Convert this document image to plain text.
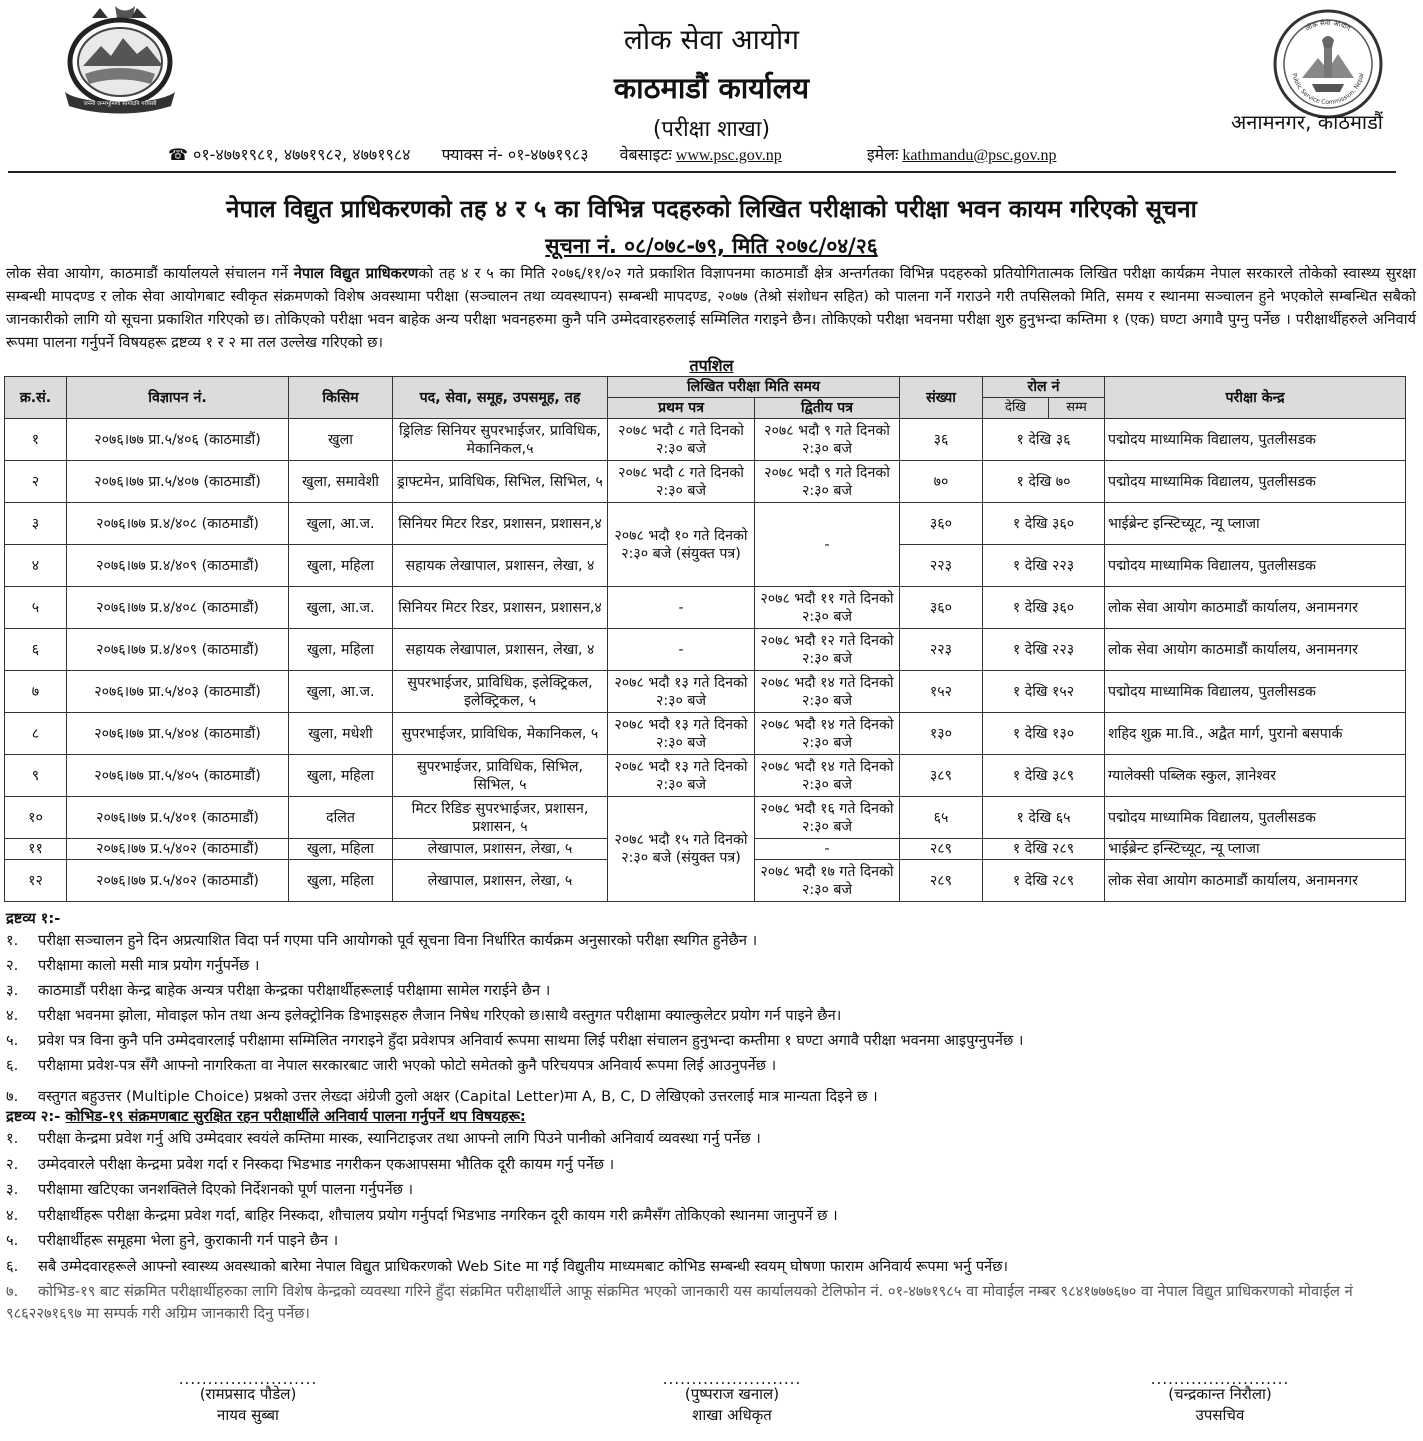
जननी जन्मभूमिश्च स्वर्गादपि गरीयसी
लोक सेवा आयोग
Public Service Commission, Nepal
लोक सेवा आयोग
काठमाडौं कार्यालय
(परीक्षा शाखा)	अनामनगर, काठमाडौं
☎ ०१-४७७१९८१, ४७७१९८२, ४७७१९८४ फ्याक्स नं- ०१-४७७१९८३ वेबसाइटः www.psc.gov.np	इमेलः kathmandu@psc.gov.np
नेपाल विद्युत प्राधिकरणको तह ४ र ५ का विभिन्न पदहरुको लिखित परीक्षाको परीक्षा भवन कायम गरिएको सूचना
सूचना नं. ०८/०७८-७९, मिति २०७८/०४/२६
लोक सेवा आयोग, काठमाडौं कार्यालयले संचालन गर्ने नेपाल विद्युत प्राधिकरणको तह ४ र ५ का मिति २०७६/११/०२ गते प्रकाशित विज्ञापनमा काठमाडौं क्षेत्र अन्तर्गतका विभिन्न पदहरुको प्रतियोगितात्मक लिखित परीक्षा कार्यक्रम नेपाल सरकारले तोकेको स्वास्थ्य सुरक्षा सम्बन्धी मापदण्ड र लोक सेवा आयोगबाट स्वीकृत संक्रमणको विशेष अवस्थामा परीक्षा (सञ्चालन तथा व्यवस्थापन) सम्बन्धी मापदण्ड, २०७७ (तेश्रो संशोधन सहित) को पालना गर्ने गराउने गरी तपसिलको मिति, समय र स्थानमा सञ्चालन हुने भएकोले सम्बन्धित सबैको जानकारीको लागि यो सूचना प्रकाशित गरिएको छ। तोकिएको परीक्षा भवन बाहेक अन्य परीक्षा भवनहरुमा कुनै पनि उम्मेदवारहरुलाई सम्मिलित गराइने छैन। तोकिएको परीक्षा भवनमा परीक्षा शुरु हुनुभन्दा कम्तिमा १ (एक) घण्टा अगावै पुग्नु पर्नेछ । परीक्षार्थीहरुले अनिवार्य रूपमा पालना गर्नुपर्ने विषयहरू द्रष्टव्य १ र २ मा तल उल्लेख गरिएको छ।
तपशिल
क्र.सं.	विज्ञापन नं.	किसिम	पद, सेवा, समूह, उपसमूह, तह	लिखित परीक्षा मिति समय		संख्या	रोल नं		परीक्षा केन्द्र
				प्रथम पत्र	द्वितीय पत्र		देखि	सम्म	
१	२०७६।७७ प्रा.५/४०६ (काठमाडौं)	खुला	ड्रिलिङ सिनियर सुपरभाईजर, प्राविधिक, मेकानिकल,५	२०७८ भदौ ८ गते दिनको २:३० बजे	२०७८ भदौ ९ गते दिनको २:३० बजे	३६	१ देखि ३६		पद्मोदय माध्यामिक विद्यालय, पुतलीसडक
२	२०७६।७७ प्रा.५/४०७ (काठमाडौं)	खुला, समावेशी	ड्राफ्टमेन, प्राविधिक, सिभिल, सिभिल, ५	२०७८ भदौ ८ गते दिनको २:३० बजे	२०७८ भदौ ९ गते दिनको २:३० बजे	७०	१ देखि ७०		पद्मोदय माध्यामिक विद्यालय, पुतलीसडक
३	२०७६।७७ प्र.४/४०८ (काठमाडौं)	खुला, आ.ज.	सिनियर मिटर रिडर, प्रशासन, प्रशासन,४	२०७८ भदौ १० गते दिनको २:३० बजे (संयुक्त पत्र)	-	३६०	१ देखि ३६०		भाईब्रेन्ट इन्स्टिच्यूट, न्यू प्लाजा
४	२०७६।७७ प्र.४/४०९ (काठमाडौं)	खुला, महिला	सहायक लेखापाल, प्रशासन, लेखा, ४			२२३	१ देखि २२३		पद्मोदय माध्यामिक विद्यालय, पुतलीसडक
५	२०७६।७७ प्र.४/४०८ (काठमाडौं)	खुला, आ.ज.	सिनियर मिटर रिडर, प्रशासन, प्रशासन,४	-	२०७८ भदौ ११ गते दिनको २:३० बजे	३६०	१ देखि ३६०		लोक सेवा आयोग काठमाडौं कार्यालय, अनामनगर
६	२०७६।७७ प्र.४/४०९ (काठमाडौं)	खुला, महिला	सहायक लेखापाल, प्रशासन, लेखा, ४	-	२०७८ भदौ १२ गते दिनको २:३० बजे	२२३	१ देखि २२३		लोक सेवा आयोग काठमाडौं कार्यालय, अनामनगर
७	२०७६।७७ प्रा.५/४०३ (काठमाडौं)	खुला, आ.ज.	सुपरभाईजर, प्राविधिक, इलेक्ट्रिकल, इलेक्ट्रिकल, ५	२०७८ भदौ १३ गते दिनको २:३० बजे	२०७८ भदौ १४ गते दिनको २:३० बजे	१५२	१ देखि १५२		पद्मोदय माध्यामिक विद्यालय, पुतलीसडक
८	२०७६।७७ प्रा.५/४०४ (काठमाडौं)	खुला, मधेशी	सुपरभाईजर, प्राविधिक, मेकानिकल, ५	२०७८ भदौ १३ गते दिनको २:३० बजे	२०७८ भदौ १४ गते दिनको २:३० बजे	१३०	१ देखि १३०		शहिद शुक्र मा.वि., अद्वैत मार्ग, पुरानो बसपार्क
९	२०७६।७७ प्रा.५/४०५ (काठमाडौं)	खुला, महिला	सुपरभाईजर, प्राविधिक, सिभिल, सिभिल, ५	२०७८ भदौ १३ गते दिनको २:३० बजे	२०७८ भदौ १४ गते दिनको २:३० बजे	३८९	१ देखि ३८९		ग्यालेक्सी पब्लिक स्कुल, ज्ञानेश्वर
१०	२०७६।७७ प्र.५/४०१ (काठमाडौं)	दलित	मिटर रिडिङ सुपरभाईजर, प्रशासन, प्रशासन, ५	२०७८ भदौ १५ गते दिनको २:३० बजे (संयुक्त पत्र)	२०७८ भदौ १६ गते दिनको २:३० बजे	६५	१ देखि ६५		पद्मोदय माध्यामिक विद्यालय, पुतलीसडक
११	२०७६।७७ प्र.५/४०२ (काठमाडौं)	खुला, महिला	लेखापाल, प्रशासन, लेखा, ५		-	२८९	१ देखि २८९		भाईब्रेन्ट इन्स्टिच्यूट, न्यू प्लाजा
१२	२०७६।७७ प्र.५/४०२ (काठमाडौं)	खुला, महिला	लेखापाल, प्रशासन, लेखा, ५		२०७८ भदौ १७ गते दिनको २:३० बजे	२८९	१ देखि २८९		लोक सेवा आयोग काठमाडौं कार्यालय, अनामनगर
द्रष्टव्य १:-
१. परीक्षा सञ्चालन हुने दिन अप्रत्याशित विदा पर्न गएमा पनि आयोगको पूर्व सूचना विना निर्धारित कार्यक्रम अनुसारको परीक्षा स्थगित हुनेछैन ।
२. परीक्षामा कालो मसी मात्र प्रयोग गर्नुपर्नेछ ।
३. काठमाडौं परीक्षा केन्द्र बाहेक अन्यत्र परीक्षा केन्द्रका परीक्षार्थीहरूलाई परीक्षामा सामेल गराईने छैन ।
४. परीक्षा भवनमा झोला, मोवाइल फोन तथा अन्य इलेक्ट्रोनिक डिभाइसहरु लैजान निषेध गरिएको छ।साथै वस्तुगत परीक्षामा क्याल्कुलेटर प्रयोग गर्न पाइने छैन।
५. प्रवेश पत्र विना कुनै पनि उम्मेदवारलाई परीक्षामा सम्मिलित नगराइने हुँदा प्रवेशपत्र अनिवार्य रूपमा साथमा लिई परीक्षा संचालन हुनुभन्दा कम्तीमा १ घण्टा अगावै परीक्षा भवनमा आइपुग्नुपर्नेछ ।
६. परीक्षामा प्रवेश-पत्र सँगै आफ्नो नागरिकता वा नेपाल सरकारबाट जारी भएको फोटो समेतको कुनै परिचयपत्र अनिवार्य रूपमा लिई आउनुपर्नेछ ।
७. वस्तुगत बहुउत्तर (Multiple Choice) प्रश्नको उत्तर लेख्दा अंग्रेजी ठुलो अक्षर (Capital Letter)मा A, B, C, D लेखिएको उत्तरलाई मात्र मान्यता दिइने छ ।
द्रष्टव्य २:- कोभिड-१९ संक्रमणबाट सुरक्षित रहन परीक्षार्थीले अनिवार्य पालना गर्नुपर्ने थप विषयहरू:
१. परीक्षा केन्द्रमा प्रवेश गर्नु अघि उम्मेदवार स्वयंले कम्तिमा मास्क, स्यानिटाइजर तथा आफ्नो लागि पिउने पानीको अनिवार्य व्यवस्था गर्नु पर्नेछ ।
२. उम्मेदवारले परीक्षा केन्द्रमा प्रवेश गर्दा र निस्कदा भिडभाड नगरीकन एकआपसमा भौतिक दूरी कायम गर्नु पर्नेछ ।
३. परीक्षामा खटिएका जनशक्तिले दिएको निर्देशनको पूर्ण पालना गर्नुपर्नेछ ।
४. परीक्षार्थीहरू परीक्षा केन्द्रमा प्रवेश गर्दा, बाहिर निस्कदा, शौचालय प्रयोग गर्नुपर्दा भिडभाड नगरिकन दूरी कायम गरी क्रमैसँग तोकिएको स्थानमा जानुपर्ने छ ।
५. परीक्षार्थीहरू समूहमा भेला हुने, कुराकानी गर्न पाइने छैन ।
६. सबै उम्मेदवारहरूले आफ्नो स्वास्थ्य अवस्थाको बारेमा नेपाल विद्युत प्राधिकरणको Web Site मा गई विद्युतीय माध्यमबाट कोभिड सम्बन्धी स्वयम् घोषणा फाराम अनिवार्य रूपमा भर्नु पर्नेछ।
७. कोभिड-१९ बाट संक्रमित परीक्षार्थीहरुका लागि विशेष केन्द्रको व्यवस्था गरिने हुँदा संक्रमित परीक्षार्थीले आफू संक्रमित भएको जानकारी यस कार्यालयको टेलिफोन नं. ०१-४७७१९८५ वा मोवाईल नम्बर ९८४१७७७६७० वा नेपाल विद्युत प्राधिकरणको मोवाईल नं ९८६२२७१६९७ मा सम्पर्क गरी अग्रिम जानकारी दिनु पर्नेछ।
........................
(रामप्रसाद पौडेल)
नायव सुब्बा
........................
(पुष्पराज खनाल)
शाखा अधिकृत
........................
(चन्द्रकान्त निरौला)
उपसचिव
